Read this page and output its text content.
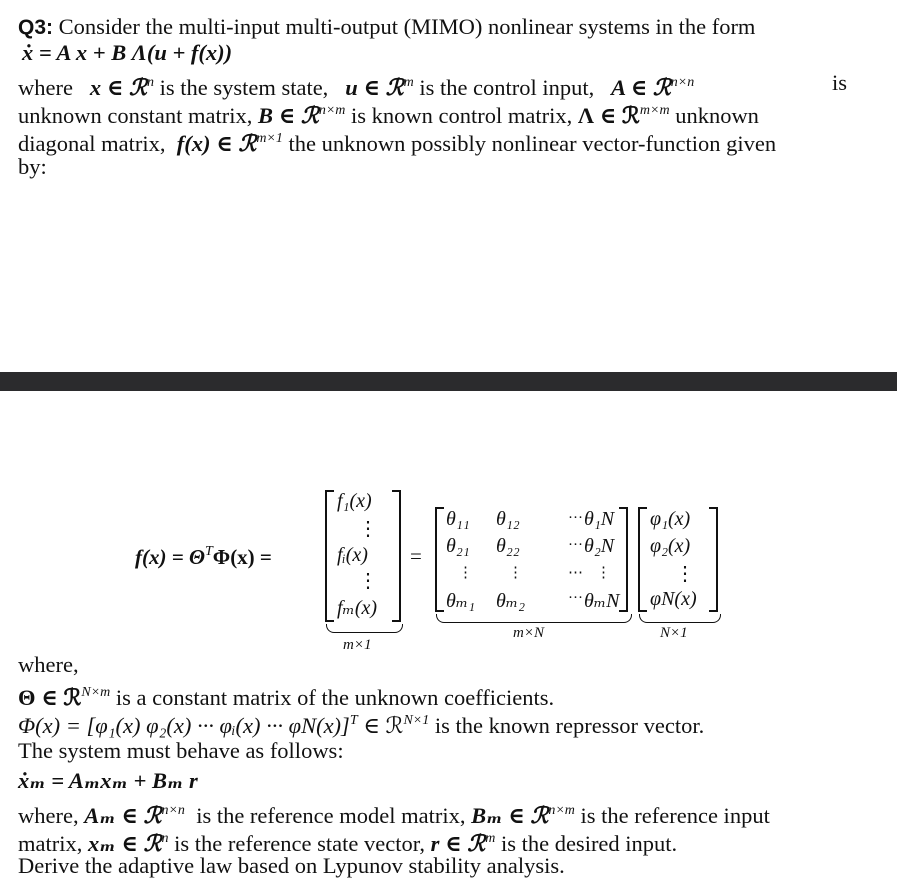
Q3: Consider the multi-input multi-output (MIMO) nonlinear systems in the form
ẋ = A x + B Λ(u + f(x))
where x ∈ ℛ$^n$ is the system state, u ∈ ℛ$^m$ is the control input, A ∈ ℛ$^{n\times n}$	is
unknown constant matrix, B ∈ ℛ$^{n\times m}$ is known control matrix, Λ ∈ ℛ$^{m\times m}$ unknown
diagonal matrix, f(x) ∈ ℛ$^{m\times 1}$ the unknown possibly nonlinear vector-function given
by:
$f(x) = \Theta^T\Phi(x)$ =
f₁(x)
⋮
fᵢ(x)
⋮
fₘ(x)
m×1
=
θ₁₁ θ₁₂	··· θ₁N
θ₂₁ θ₂₂	··· θ₂N
⋮ ⋮	⋯ ⋮
θₘ₁ θₘ₂	··· θₘN
m×N
φ₁(x)
φ₂(x)
⋮
φN(x)
N×1
where,
Θ ∈ ℛ$^{N\times m}$ is a constant matrix of the unknown coefficients.
Φ(x) = [φ₁(x) φ₂(x) ··· φᵢ(x) ··· φN(x)]$^T$ ∈ ℛ$^{N\times 1}$ is the known repressor vector.
The system must behave as follows:
ẋₘ = Aₘxₘ + Bₘ r
where, Aₘ ∈ ℛ$^{n\times n}$ is the reference model matrix, Bₘ ∈ ℛ$^{n\times m}$ is the reference input
matrix, xₘ ∈ ℛ$^n$ is the reference state vector, r ∈ ℛ$^m$ is the desired input.
Derive the adaptive law based on Lypunov stability analysis.
